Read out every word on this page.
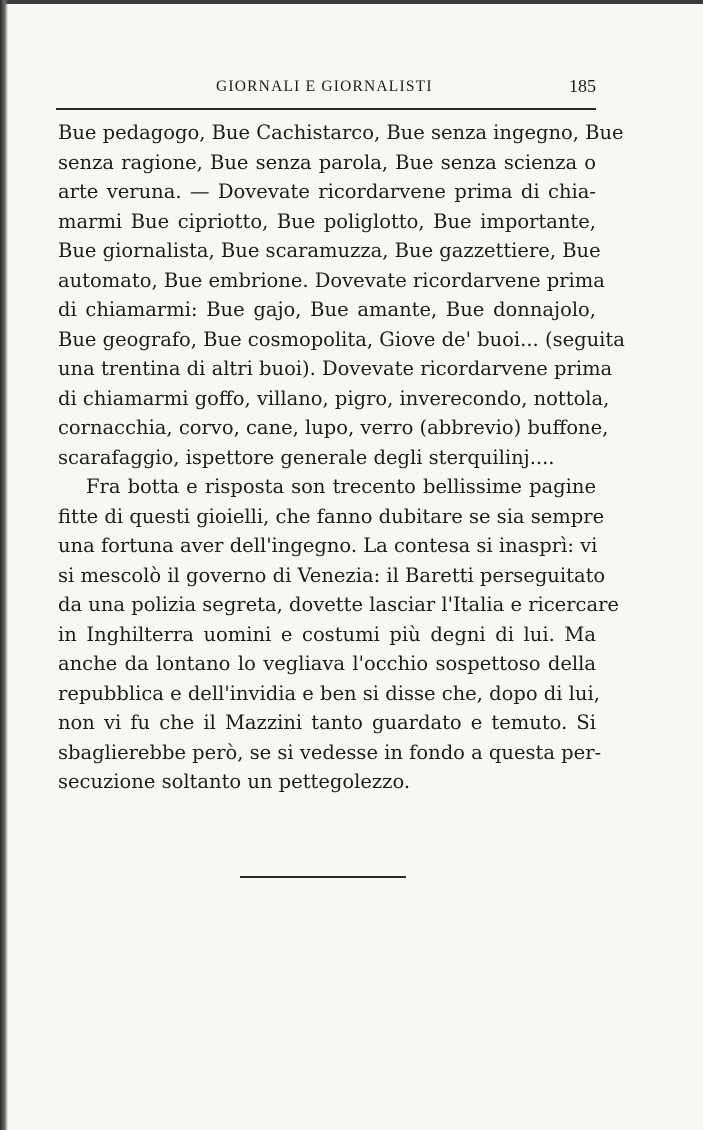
GIORNALI E GIORNALISTI	185
Bue pedagogo, Bue Cachistarco, Bue senza ingegno, Bue
senza ragione, Bue senza parola, Bue senza scienza o
arte veruna. — Dovevate ricordarvene prima di chia-
marmi Bue cipriotto, Bue poliglotto, Bue importante,
Bue giornalista, Bue scaramuzza, Bue gazzettiere, Bue
automato, Bue embrione. Dovevate ricordarvene prima
di chiamarmi: Bue gajo, Bue amante, Bue donnajolo,
Bue geografo, Bue cosmopolita, Giove de' buoi... (seguita
una trentina di altri buoi). Dovevate ricordarvene prima
di chiamarmi goffo, villano, pigro, inverecondo, nottola,
cornacchia, corvo, cane, lupo, verro (abbrevio) buffone,
scarafaggio, ispettore generale degli sterquilinj....
Fra botta e risposta son trecento bellissime pagine
fitte di questi gioielli, che fanno dubitare se sia sempre
una fortuna aver dell'ingegno. La contesa si inasprì: vi
si mescolò il governo di Venezia: il Baretti perseguitato
da una polizia segreta, dovette lasciar l'Italia e ricercare
in Inghilterra uomini e costumi più degni di lui. Ma
anche da lontano lo vegliava l'occhio sospettoso della
repubblica e dell'invidia e ben si disse che, dopo di lui,
non vi fu che il Mazzini tanto guardato e temuto. Si
sbaglierebbe però, se si vedesse in fondo a questa per-
secuzione soltanto un pettegolezzo.
